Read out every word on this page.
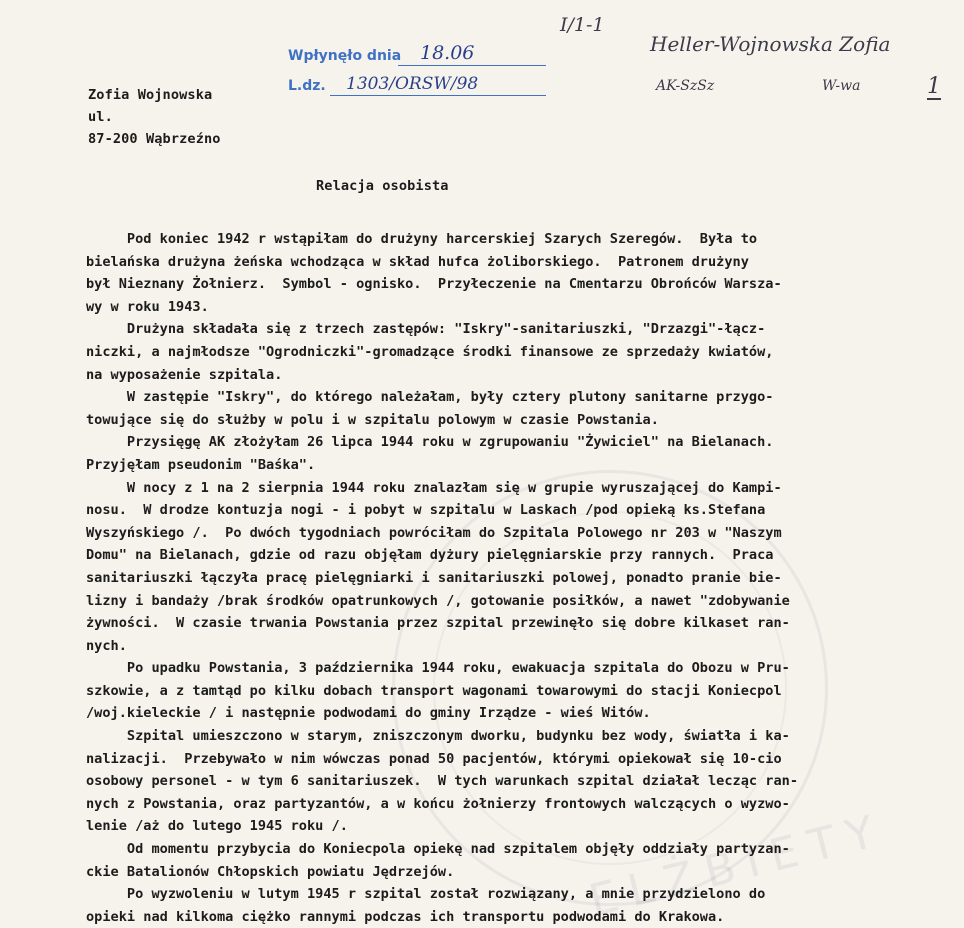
ELŻBIETY
Wpłynęło dnia 18.06
L.dz. 1303/ORSW/98
I/1-1
Heller-Wojnowska Zofia
AK-SzSz	W-wa	1
Zofia Wojnowska
ul.
87-200 Wąbrzeźno
Relacja osobista
Pod koniec 1942 r wstąpiłam do drużyny harcerskiej Szarych Szeregów.  Była to
bielańska drużyna żeńska wchodząca w skład hufca żoliborskiego.  Patronem drużyny
był Nieznany Żołnierz.  Symbol - ognisko.  Przyłeczenie na Cmentarzu Obrońców Warsza-
wy w roku 1943.
Drużyna składała się z trzech zastępów: "Iskry"-sanitariuszki, "Drzazgi"-łącz-
niczki, a najmłodsze "Ogrodniczki"-gromadzące środki finansowe ze sprzedaży kwiatów,
na wyposażenie szpitala.
W zastępie "Iskry", do którego należałam, były cztery plutony sanitarne przygo-
towujące się do służby w polu i w szpitalu polowym w czasie Powstania.
Przysięgę AK złożyłam 26 lipca 1944 roku w zgrupowaniu "Żywiciel" na Bielanach.
Przyjęłam pseudonim "Baśka".
W nocy z 1 na 2 sierpnia 1944 roku znalazłam się w grupie wyruszającej do Kampi-
nosu.  W drodze kontuzja nogi - i pobyt w szpitalu w Laskach /pod opieką ks.Stefana
Wyszyńskiego /.  Po dwóch tygodniach powróciłam do Szpitala Polowego nr 203 w "Naszym
Domu" na Bielanach, gdzie od razu objęłam dyżury pielęgniarskie przy rannych.  Praca
sanitariuszki łączyła pracę pielęgniarki i sanitariuszki polowej, ponadto pranie bie-
lizny i bandaży /brak środków opatrunkowych /, gotowanie posiłków, a nawet "zdobywanie
żywności.  W czasie trwania Powstania przez szpital przewinęło się dobre kilkaset ran-
nych.
Po upadku Powstania, 3 października 1944 roku, ewakuacja szpitala do Obozu w Pru-
szkowie, a z tamtąd po kilku dobach transport wagonami towarowymi do stacji Koniecpol
/woj.kieleckie / i następnie podwodami do gminy Irządze - wieś Witów.
Szpital umieszczono w starym, zniszczonym dworku, budynku bez wody, światła i ka-
nalizacji.  Przebywało w nim wówczas ponad 50 pacjentów, którymi opiekował się 10-cio
osobowy personel - w tym 6 sanitariuszek.  W tych warunkach szpital działał lecząc ran-
nych z Powstania, oraz partyzantów, a w końcu żołnierzy frontowych walczących o wyzwo-
lenie /aż do lutego 1945 roku /.
Od momentu przybycia do Koniecpola opiekę nad szpitalem objęły oddziały partyzan-
ckie Batalionów Chłopskich powiatu Jędrzejów.
Po wyzwoleniu w lutym 1945 r szpital został rozwiązany, a mnie przydzielono do
opieki nad kilkoma ciężko rannymi podczas ich transportu podwodami do Krakowa.
